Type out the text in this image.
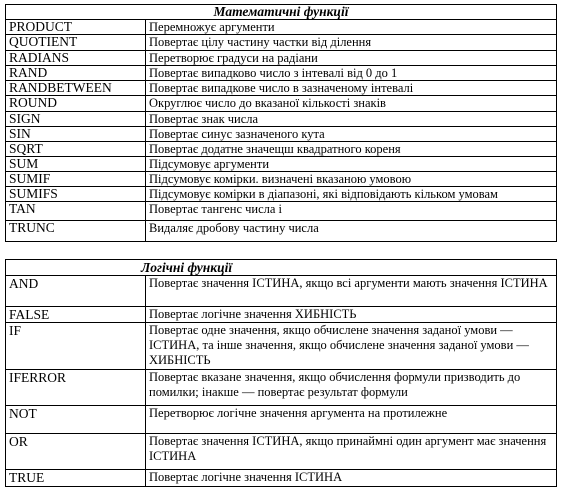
Математичні функції	
PRODUCT	Перемножує аргументи
QUOTIENT	Повертає цілу частину частки від ділення
RADIANS	Перетворює градуси на радіани
RAND	Повертає випадково число з інтевалі від 0 до 1
RANDBETWEEN	Повертає випадкове число в зазначеному інтевалі
ROUND	Округлює число до вказаної кількості знаків
SIGN	Повертає знак числа
SIN	Повертає синус зазначеного кута
SQRT	Повертає додатне значещш квадратного кореня
SUM	Підсумовує аргументи
SUMIF	Підсумовує комірки. визначені вказаною умовою
SUMIFS	Підсумовує комірки в діапазоні, які відповідають кільком умовам
TAN	Повертає тангенс числа і
TRUNC	Видаляє дробову частину числа
Логічні функції	
AND	Повертає значення ІСТИНА, якщо всі аргументи мають значення ІСТИНА
FALSE	Повертає логічне значення ХИБНІСТЬ
IF	Повертає одне значення, якщо обчислене значення заданої умови — ІСТИНА, та інше значення, якщо обчислене значення заданої умови — ХИБНІСТЬ
IFERROR	Повертає вказане значення, якщо обчислення формули призводить до помилки; інакше — повертає результат формули
NOT	Перетворює логічне значення аргумента на протилежне
OR	Повертає значення ІСТИНА, якщо принаймні один аргумент має значення ІСТИНА
TRUE	Повертає логічне значення ІСТИНА
